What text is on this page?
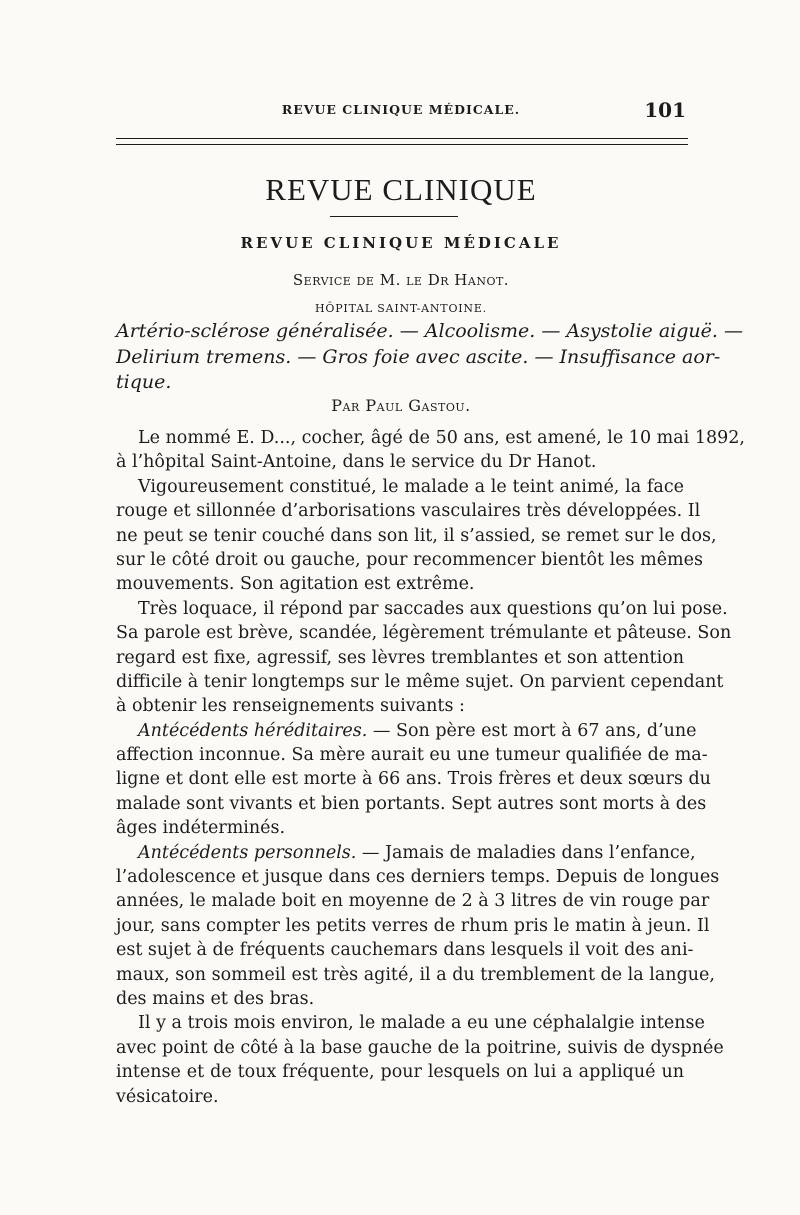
REVUE CLINIQUE MÉDICALE.	101
REVUE CLINIQUE
REVUE CLINIQUE MÉDICALE
Service de M. le Dr Hanot.
HÔPITAL SAINT-ANTOINE.
Artério-sclérose généralisée. — Alcoolisme. — Asystolie aiguë. —
Delirium tremens. — Gros foie avec ascite. — Insuffisance aor-
tique.
Par Paul Gastou.
Le nommé E. D..., cocher, âgé de 50 ans, est amené, le 10 mai 1892,
à l’hôpital Saint-Antoine, dans le service du Dr Hanot.
Vigoureusement constitué, le malade a le teint animé, la face
rouge et sillonnée d’arborisations vasculaires très développées. Il
ne peut se tenir couché dans son lit, il s’assied, se remet sur le dos,
sur le côté droit ou gauche, pour recommencer bientôt les mêmes
mouvements. Son agitation est extrême.
Très loquace, il répond par saccades aux questions qu’on lui pose.
Sa parole est brève, scandée, légèrement trémulante et pâteuse. Son
regard est fixe, agressif, ses lèvres tremblantes et son attention
difficile à tenir longtemps sur le même sujet. On parvient cependant
à obtenir les renseignements suivants :
Antécédents héréditaires. — Son père est mort à 67 ans, d’une
affection inconnue. Sa mère aurait eu une tumeur qualifiée de ma-
ligne et dont elle est morte à 66 ans. Trois frères et deux sœurs du
malade sont vivants et bien portants. Sept autres sont morts à des
âges indéterminés.
Antécédents personnels. — Jamais de maladies dans l’enfance,
l’adolescence et jusque dans ces derniers temps. Depuis de longues
années, le malade boit en moyenne de 2 à 3 litres de vin rouge par
jour, sans compter les petits verres de rhum pris le matin à jeun. Il
est sujet à de fréquents cauchemars dans lesquels il voit des ani-
maux, son sommeil est très agité, il a du tremblement de la langue,
des mains et des bras.
Il y a trois mois environ, le malade a eu une céphalalgie intense
avec point de côté à la base gauche de la poitrine, suivis de dyspnée
intense et de toux fréquente, pour lesquels on lui a appliqué un
vésicatoire.
